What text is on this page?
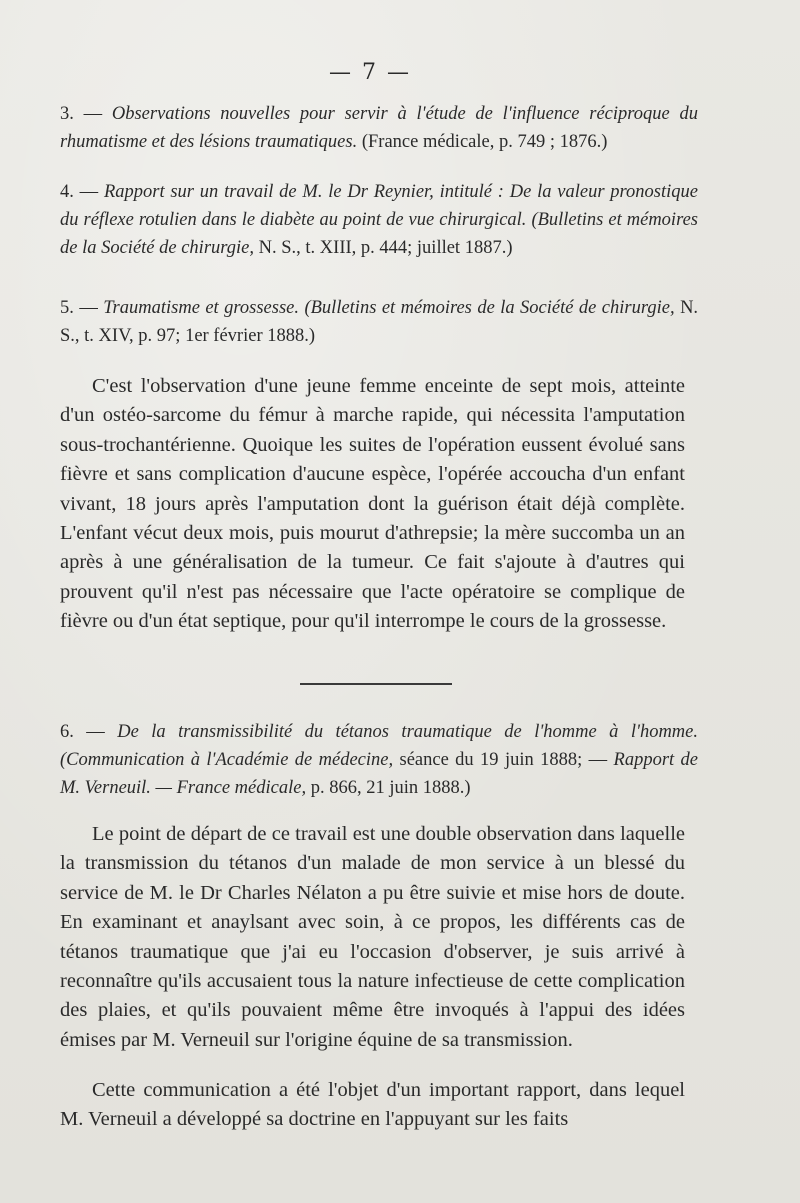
— 7 —
3. — Observations nouvelles pour servir à l'étude de l'influence réciproque du rhumatisme et des lésions traumatiques. (France médicale, p. 749 ; 1876.)
4. — Rapport sur un travail de M. le Dr Reynier, intitulé : De la valeur pronostique du réflexe rotulien dans le diabète au point de vue chirurgical. (Bulletins et mémoires de la Société de chirurgie, N. S., t. XIII, p. 444; juillet 1887.)
5. — Traumatisme et grossesse. (Bulletins et mémoires de la Société de chirurgie, N. S., t. XIV, p. 97; 1er février 1888.)
C'est l'observation d'une jeune femme enceinte de sept mois, atteinte d'un ostéo-sarcome du fémur à marche rapide, qui nécessita l'amputation sous-trochantérienne. Quoique les suites de l'opération eussent évolué sans fièvre et sans complication d'aucune espèce, l'opérée accoucha d'un enfant vivant, 18 jours après l'amputation dont la guérison était déjà complète. L'enfant vécut deux mois, puis mourut d'athrepsie; la mère succomba un an après à une généralisation de la tumeur. Ce fait s'ajoute à d'autres qui prouvent qu'il n'est pas nécessaire que l'acte opératoire se complique de fièvre ou d'un état septique, pour qu'il interrompe le cours de la grossesse.
6. — De la transmissibilité du tétanos traumatique de l'homme à l'homme. (Communication à l'Académie de médecine, séance du 19 juin 1888; — Rapport de M. Verneuil. — France médicale, p. 866, 21 juin 1888.)
Le point de départ de ce travail est une double observation dans laquelle la transmission du tétanos d'un malade de mon service à un blessé du service de M. le Dr Charles Nélaton a pu être suivie et mise hors de doute. En examinant et anaylsant avec soin, à ce propos, les différents cas de tétanos traumatique que j'ai eu l'occasion d'observer, je suis arrivé à reconnaître qu'ils accusaient tous la nature infectieuse de cette complication des plaies, et qu'ils pouvaient même être invoqués à l'appui des idées émises par M. Verneuil sur l'origine équine de sa transmission.
Cette communication a été l'objet d'un important rapport, dans lequel M. Verneuil a développé sa doctrine en l'appuyant sur les faits
